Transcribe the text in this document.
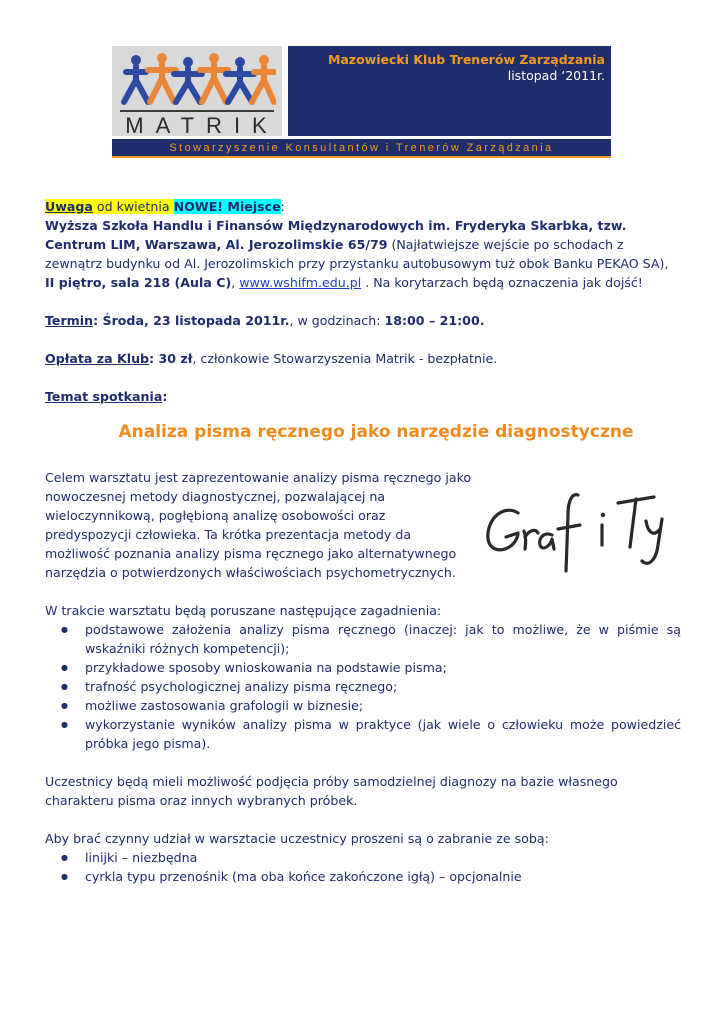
MATRIK
Mazowiecki Klub Trenerów Zarządzania
listopad ‘2011r.
Stowarzyszenie Konsultantów i Trenerów Zarządzania

Uwaga od kwietnia NOWE! Miejsce:
Wyższa Szkoła Handlu i Finansów Międzynarodowych im. Fryderyka Skarbka, tzw. Centrum LIM, Warszawa, Al. Jerozolimskie 65/79 (Najłatwiejsze wejście po schodach z zewnątrz budynku od Al. Jerozolimskich przy przystanku autobusowym tuż obok Banku PEKAO SA), II piętro, sala 218 (Aula C), www.wshifm.edu.pl . Na korytarzach będą oznaczenia jak dojść!

Termin: Środa, 23 listopada 2011r., w godzinach: 18:00 – 21:00.

Opłata za Klub: 30 zł, członkowie Stowarzyszenia Matrik - bezpłatnie.

Temat spotkania:

Analiza pisma ręcznego jako narzędzie diagnostyczne

Celem warsztatu jest zaprezentowanie analizy pisma ręcznego jako nowoczesnej metody diagnostycznej, pozwalającej na wieloczynnikową, pogłębioną analizę osobowości oraz predyspozycji człowieka. Ta krótka prezentacja metody da możliwość poznania analizy pisma ręcznego jako alternatywnego narzędzia o potwierdzonych właściwościach psychometrycznych.

W trakcie warsztatu będą poruszane następujące zagadnienia:

● podstawowe założenia analizy pisma ręcznego (inaczej: jak to możliwe, że w piśmie są wskaźniki różnych kompetencji);
● przykładowe sposoby wnioskowania na podstawie pisma;
● trafność psychologicznej analizy pisma ręcznego;
● możliwe zastosowania grafologii w biznesie;
● wykorzystanie wyników analizy pisma w praktyce (jak wiele o człowieku może powiedzieć próbka jego pisma).

Uczestnicy będą mieli możliwość podjęcia próby samodzielnej diagnozy na bazie własnego charakteru pisma oraz innych wybranych próbek.

Aby brać czynny udział w warsztacie uczestnicy proszeni są o zabranie ze sobą:

● linijki – niezbędna
● cyrkla typu przenośnik (ma oba końce zakończone igłą) – opcjonalnie
